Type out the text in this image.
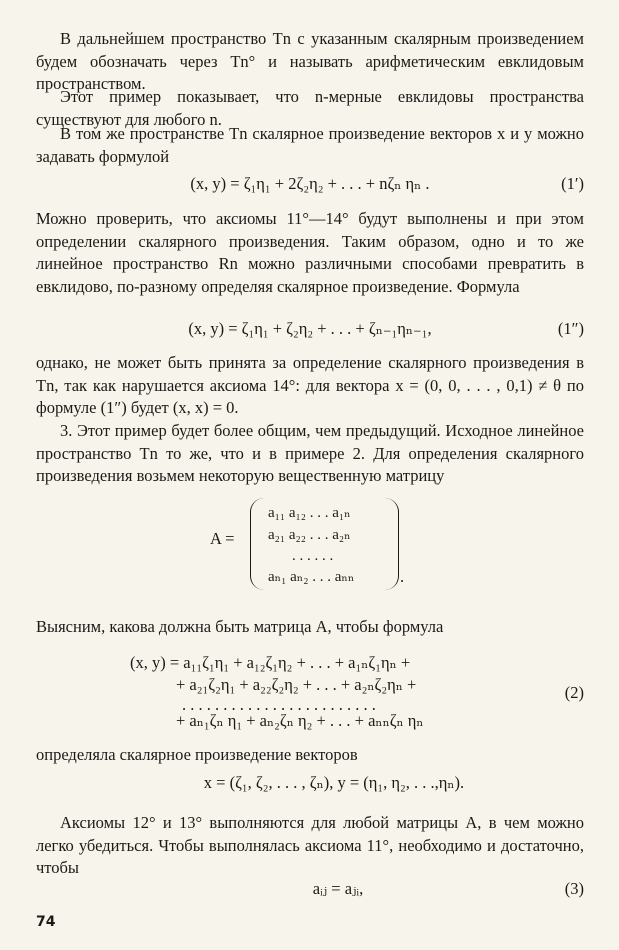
В дальнейшем пространство Tn с указанным скалярным произведением будем обозначать через Tn° и называть арифметическим евклидовым пространством.
Этот пример показывает, что n-мерные евклидовы пространства существуют для любого n.
В том же пространстве Tn скалярное произведение векторов x и y можно задавать формулой
(x, y) = ζ₁η₁ + 2ζ₂η₂ + . . . + nζₙ ηₙ .	(1′)
Можно проверить, что аксиомы 11°—14° будут выполнены и при этом определении скалярного произведения. Таким образом, одно и то же линейное пространство Rn можно различными способами превратить в евклидово, по-разному определяя скалярное произведение. Формула
(x, y) = ζ₁η₁ + ζ₂η₂ + . . . + ζₙ₋₁ηₙ₋₁,	(1″)
однако, не может быть принята за определение скалярного произведения в Tn, так как нарушается аксиома 14°: для вектора x = (0, 0, . . . , 0,1) ≠ θ по формуле (1″) будет (x, x) = 0.
3. Этот пример будет более общим, чем предыдущий. Исходное линейное пространство Tn то же, что и в примере 2. Для определения скалярного произведения возьмем некоторую вещественную матрицу
A =
a₁₁ a₁₂ . . . a₁ₙ
a₂₁ a₂₂ . . . a₂ₙ
. . . . . .
aₙ₁ aₙ₂ . . . aₙₙ	.
Выясним, какова должна быть матрица A, чтобы формула
(x, y) = a₁₁ζ₁η₁ + a₁₂ζ₁η₂ + . . . + a₁ₙζ₁ηₙ +
+ a₂₁ζ₂η₁ + a₂₂ζ₂η₂ + . . . + a₂ₙζ₂ηₙ +
. . . . . . . . . . . . . . . . . . . . . . . .
+ aₙ₁ζₙ η₁ + aₙ₂ζₙ η₂ + . . . + aₙₙζₙ ηₙ
(2)
определяла скалярное произведение векторов
x = (ζ₁, ζ₂, . . . , ζₙ), y = (η₁, η₂, . . .,ηₙ).
Аксиомы 12° и 13° выполняются для любой матрицы A, в чем можно легко убедиться. Чтобы выполнялась аксиома 11°, необходимо и достаточно, чтобы
aᵢⱼ = aⱼᵢ,	(3)
74
